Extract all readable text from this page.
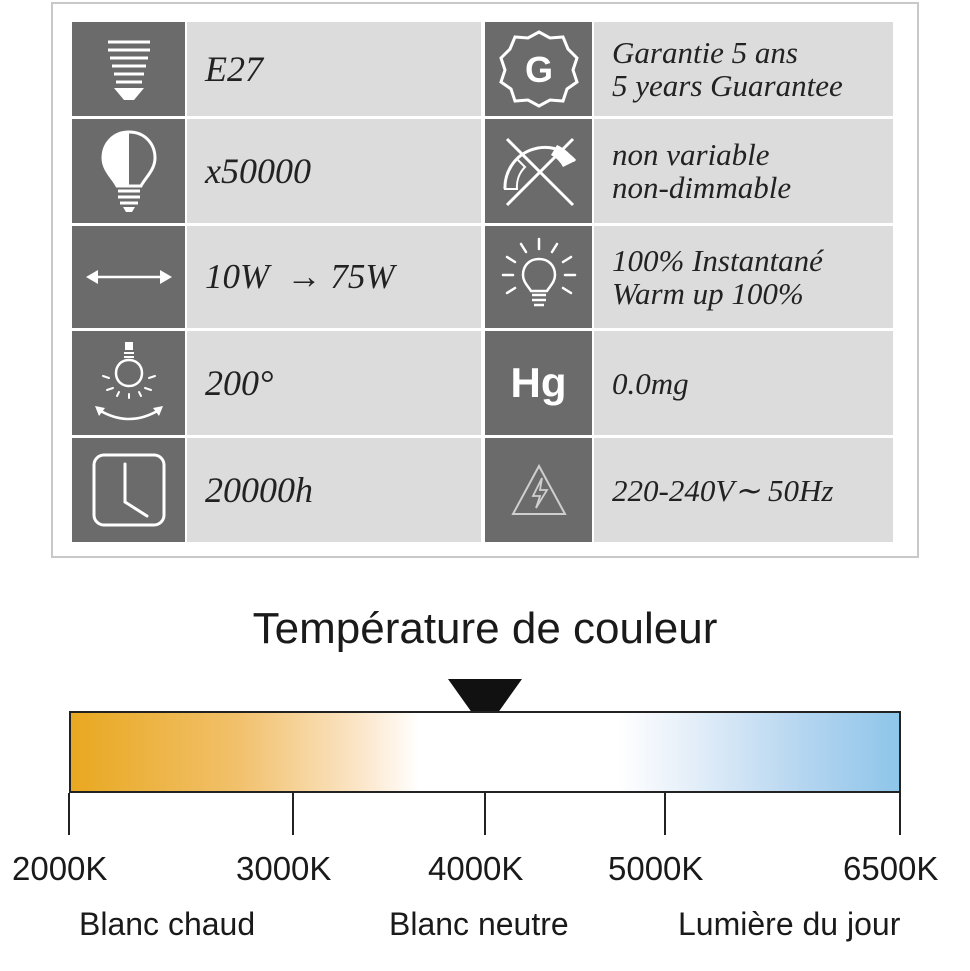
E27	G Garantie 5 ans
5 years Guarantee
x50000	non variable
non-dimmable
10W  → 75W	100% Instantané
Warm up 100%
200°	Hg 0.0mg
20000h	220-240V∼ 50Hz
Température de couleur
2000K	3000K	4000K	5000K	6500K
Blanc chaud	Blanc neutre	Lumière du jour
